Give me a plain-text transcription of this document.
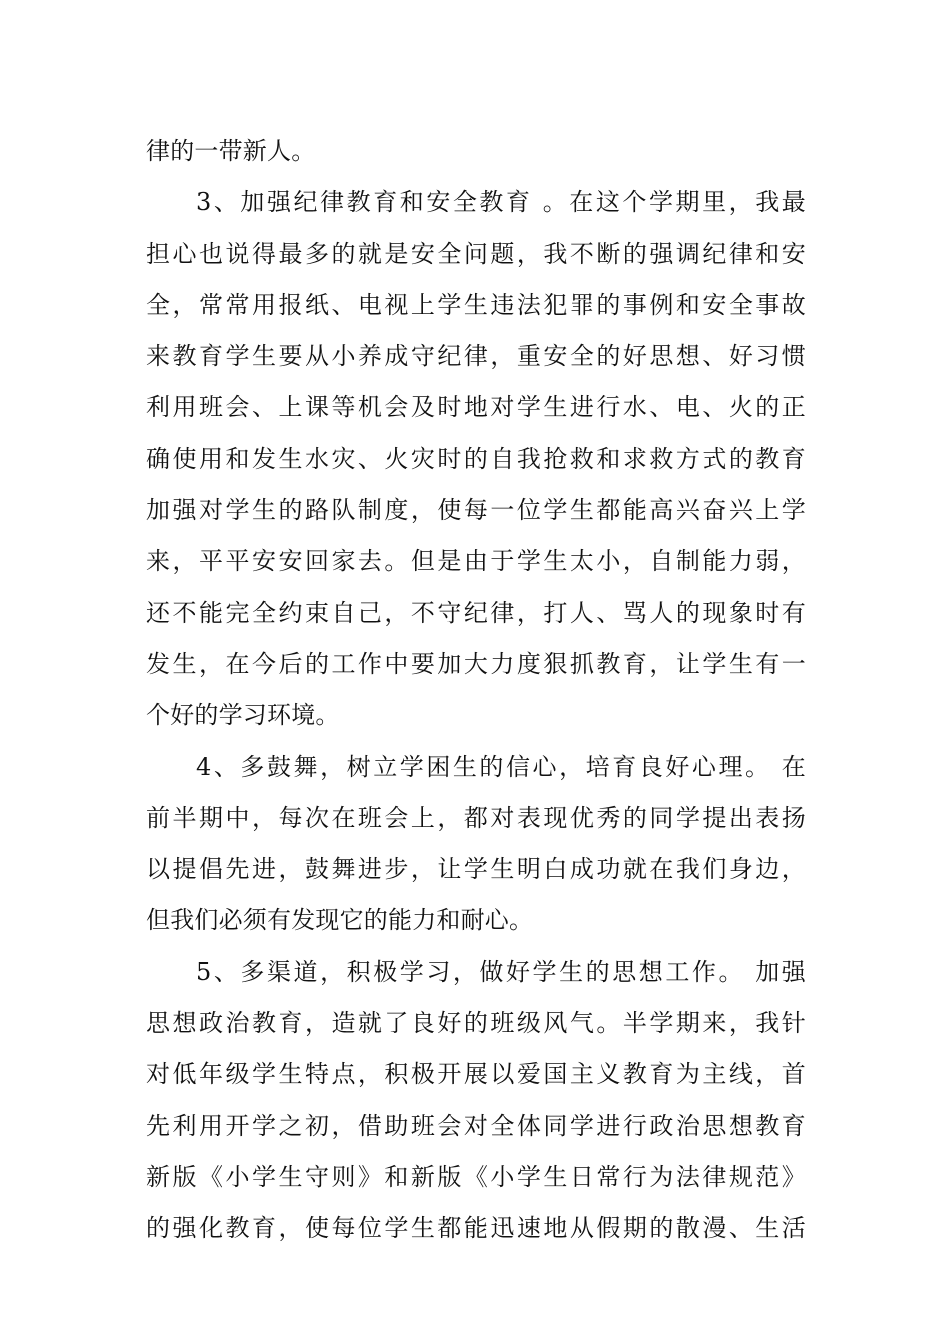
律的一带新人。
3、加强纪律教育和安全教育 。在这个学期里，我最
担心也说得最多的就是安全问题，我不断的强调纪律和安
全，常常用报纸、电视上学生违法犯罪的事例和安全事故
来教育学生要从小养成守纪律，重安全的好思想、好习惯
利用班会、上课等机会及时地对学生进行水、电、火的正
确使用和发生水灾、火灾时的自我抢救和求救方式的教育
加强对学生的路队制度，使每一位学生都能高兴奋兴上学
来，平平安安回家去。但是由于学生太小，自制能力弱，
还不能完全约束自己，不守纪律，打人、骂人的现象时有
发生，在今后的工作中要加大力度狠抓教育，让学生有一
个好的学习环境。
4、多鼓舞，树立学困生的信心，培育良好心理。 在
前半期中，每次在班会上，都对表现优秀的同学提出表扬
以提倡先进，鼓舞进步，让学生明白成功就在我们身边，
但我们必须有发现它的能力和耐心。
5、多渠道，积极学习，做好学生的思想工作。 加强
思想政治教育，造就了良好的班级风气。半学期来，我针
对低年级学生特点，积极开展以爱国主义教育为主线，首
先利用开学之初，借助班会对全体同学进行政治思想教育
新版《小学生守则》和新版《小学生日常行为法律规范》
的强化教育，使每位学生都能迅速地从假期的散漫、生活
